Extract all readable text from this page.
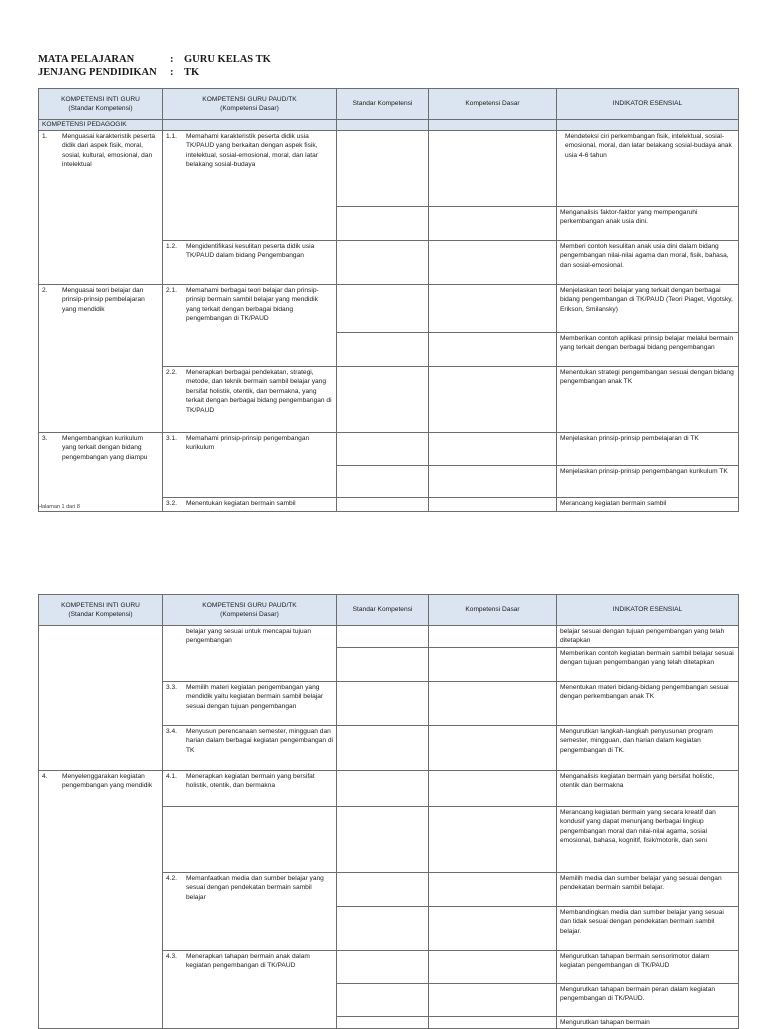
MATA PELAJARAN	: GURU KELAS TK
JENJANG PENDIDIKAN : TK
KOMPETENSI INTI GURU
(Standar Kompetensi)	KOMPETENSI GURU PAUD/TK
(Kompetensi Dasar)	Standar Kompetensi	Kompetensi Dasar	INDIKATOR ESENSIAL
KOMPETENSI PEDAGOGIK				

1. Menguasai karakteristik peserta didik dari aspek fisik, moral, sosial, kultural, emosional, dan intelektual	1.1. Memahami karakteristik peserta didik usia TK/PAUD yang berkaitan dengan aspek fisik, intelektual, sosial-emosional, moral, dan latar belakang sosial-budaya			Mendeteksi ciri perkembangan fisik, intelektual, sosial-emosional, moral, dan latar belakang sosial-budaya anak usia 4-6 tahun
				Menganalisis faktor-faktor yang mempengaruhi perkembangan anak usia dini.

	1.2. Mengidentifikasi kesulitan peserta didik usia TK/PAUD dalam bidang Pengembangan			Memberi contoh kesulitan anak usia dini dalam bidang pengembangan nilai-nilai agama dan moral, fisik, bahasa, dan sosial-emosional.

2. Menguasai teori belajar dan prinsip-prinsip pembelajaran yang mendidik	2.1. Memahami berbagai teori belajar dan prinsip-prinsip bermain sambil belajar yang mendidik yang terkait dengan berbagai bidang pengembangan di TK/PAUD			Menjelaskan teori belajar yang terkait dengan berbagai bidang pengembangan di TK/PAUD (Teori Piaget, Vigotsky, Erikson, Smilansky)
				Memberikan contoh aplikasi prinsip belajar melalui bermain yang terkait dengan berbagai bidang pengembangan

	2.2. Menerapkan berbagai pendekatan, strategi, metode, dan teknik bermain sambil belajar yang bersifat holistik, otentik, dan bermakna, yang terkait dengan berbagai bidang pengembangan di TK/PAUD			Menentukan strategi pengembangan sesuai dengan bidang pengembangan anak TK

3. Mengembangkan kurikulum yang terkait dengan bidang pengembangan yang diampu	3.1. Memahami prinsip-prinsip pengembangan kurikulum			Menjelaskan prinsip-prinsip pembelajaran di TK
				Menjelaskan prinsip-prinsip pengembangan kurikulum TK

	3.2. Menentukan kegiatan bermain sambil			Merancang kegiatan bermain sambil
Halaman 1 dari 8
KOMPETENSI INTI GURU
(Standar Kompetensi)	KOMPETENSI GURU PAUD/TK
(Kompetensi Dasar)	Standar Kompetensi	Kompetensi Dasar	INDIKATOR ESENSIAL

	belajar yang sesuai untuk mencapai tujuan pengembangan			belajar sesuai dengan tujuan pengembangan yang telah ditetapkan
				Memberikan contoh kegiatan bermain sambil belajar sesuai dengan tujuan pengembangan yang telah ditetapkan

	3.3. Memilih materi kegiatan pengembangan yang mendidik yaitu kegiatan bermain sambil belajar sesuai dengan tujuan pengembangan			Menentukan materi bidang-bidang pengembangan sesuai dengan perkembangan anak TK

	3.4. Menyusun perencanaan semester, mingguan dan harian dalam berbagai kegiatan pengembangan di TK			Mengurutkan langkah-langkah penyusunan program semester, mingguan, dan harian dalam kegiatan pengembangan di TK.

4. Menyelenggarakan kegiatan pengembangan yang mendidik	4.1. Menerapkan kegiatan bermain yang bersifat holistik, otentik, dan bermakna			Menganalisis kegiatan bermain yang bersifat holistic, otentik dan bermakna
				Merancang kegiatan bermain yang secara kreatif dan kondusif yang dapat menunjang berbagai lingkup pengembangan moral dan nilai-nilai agama, sosial emosional, bahasa, kognitif, fisik/motorik, dan seni

	4.2. Memanfaatkan media dan sumber belajar yang sesuai dengan pendekatan bermain sambil belajar			Memilih media dan sumber belajar yang sesuai dengan pendekatan bermain sambil belajar.
				Membandingkan media dan sumber belajar yang sesuai dan tidak sesuai dengan pendekatan bermain sambil belajar.

	4.3. Menerapkan tahapan bermain anak dalam kegiatan pengembangan di TK/PAUD			Mengurutkan tahapan bermain sensorimotor dalam kegiatan pengembangan di TK/PAUD
				Mengurutkan tahapan bermain peran dalam kegiatan pengembangan di TK/PAUD.
				Mengurutkan tahapan bermain
